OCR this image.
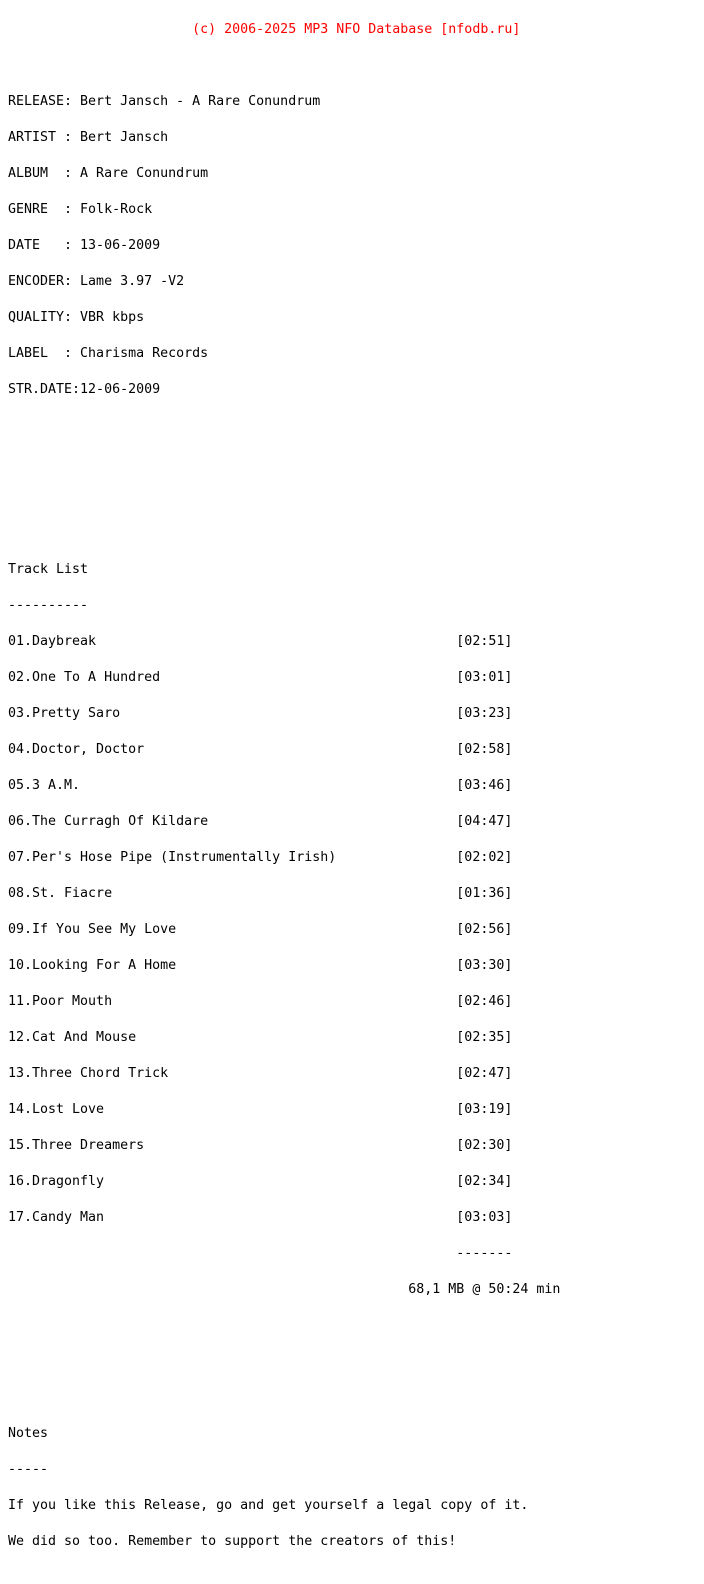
(c) 2006-2025 MP3 NFO Database [nfodb.ru]

RELEASE: Bert Jansch - A Rare Conundrum

ARTIST : Bert Jansch

ALBUM  : A Rare Conundrum

GENRE  : Folk-Rock

DATE   : 13-06-2009

ENCODER: Lame 3.97 -V2

QUALITY: VBR kbps

LABEL  : Charisma Records

STR.DATE:12-06-2009

Track List

----------

01.Daybreak                                             [02:51]

02.One To A Hundred                                     [03:01]

03.Pretty Saro                                          [03:23]

04.Doctor, Doctor                                       [02:58]

05.3 A.M.                                               [03:46]

06.The Curragh Of Kildare                               [04:47]

07.Per's Hose Pipe (Instrumentally Irish)               [02:02]

08.St. Fiacre                                           [01:36]

09.If You See My Love                                   [02:56]

10.Looking For A Home                                   [03:30]

11.Poor Mouth                                           [02:46]

12.Cat And Mouse                                        [02:35]

13.Three Chord Trick                                    [02:47]

14.Lost Love                                            [03:19]

15.Three Dreamers                                       [02:30]

16.Dragonfly                                            [02:34]

17.Candy Man                                            [03:03]

-------

68,1 MB @ 50:24 min

Notes

-----

If you like this Release, go and get yourself a legal copy of it.

We did so too. Remember to support the creators of this!
